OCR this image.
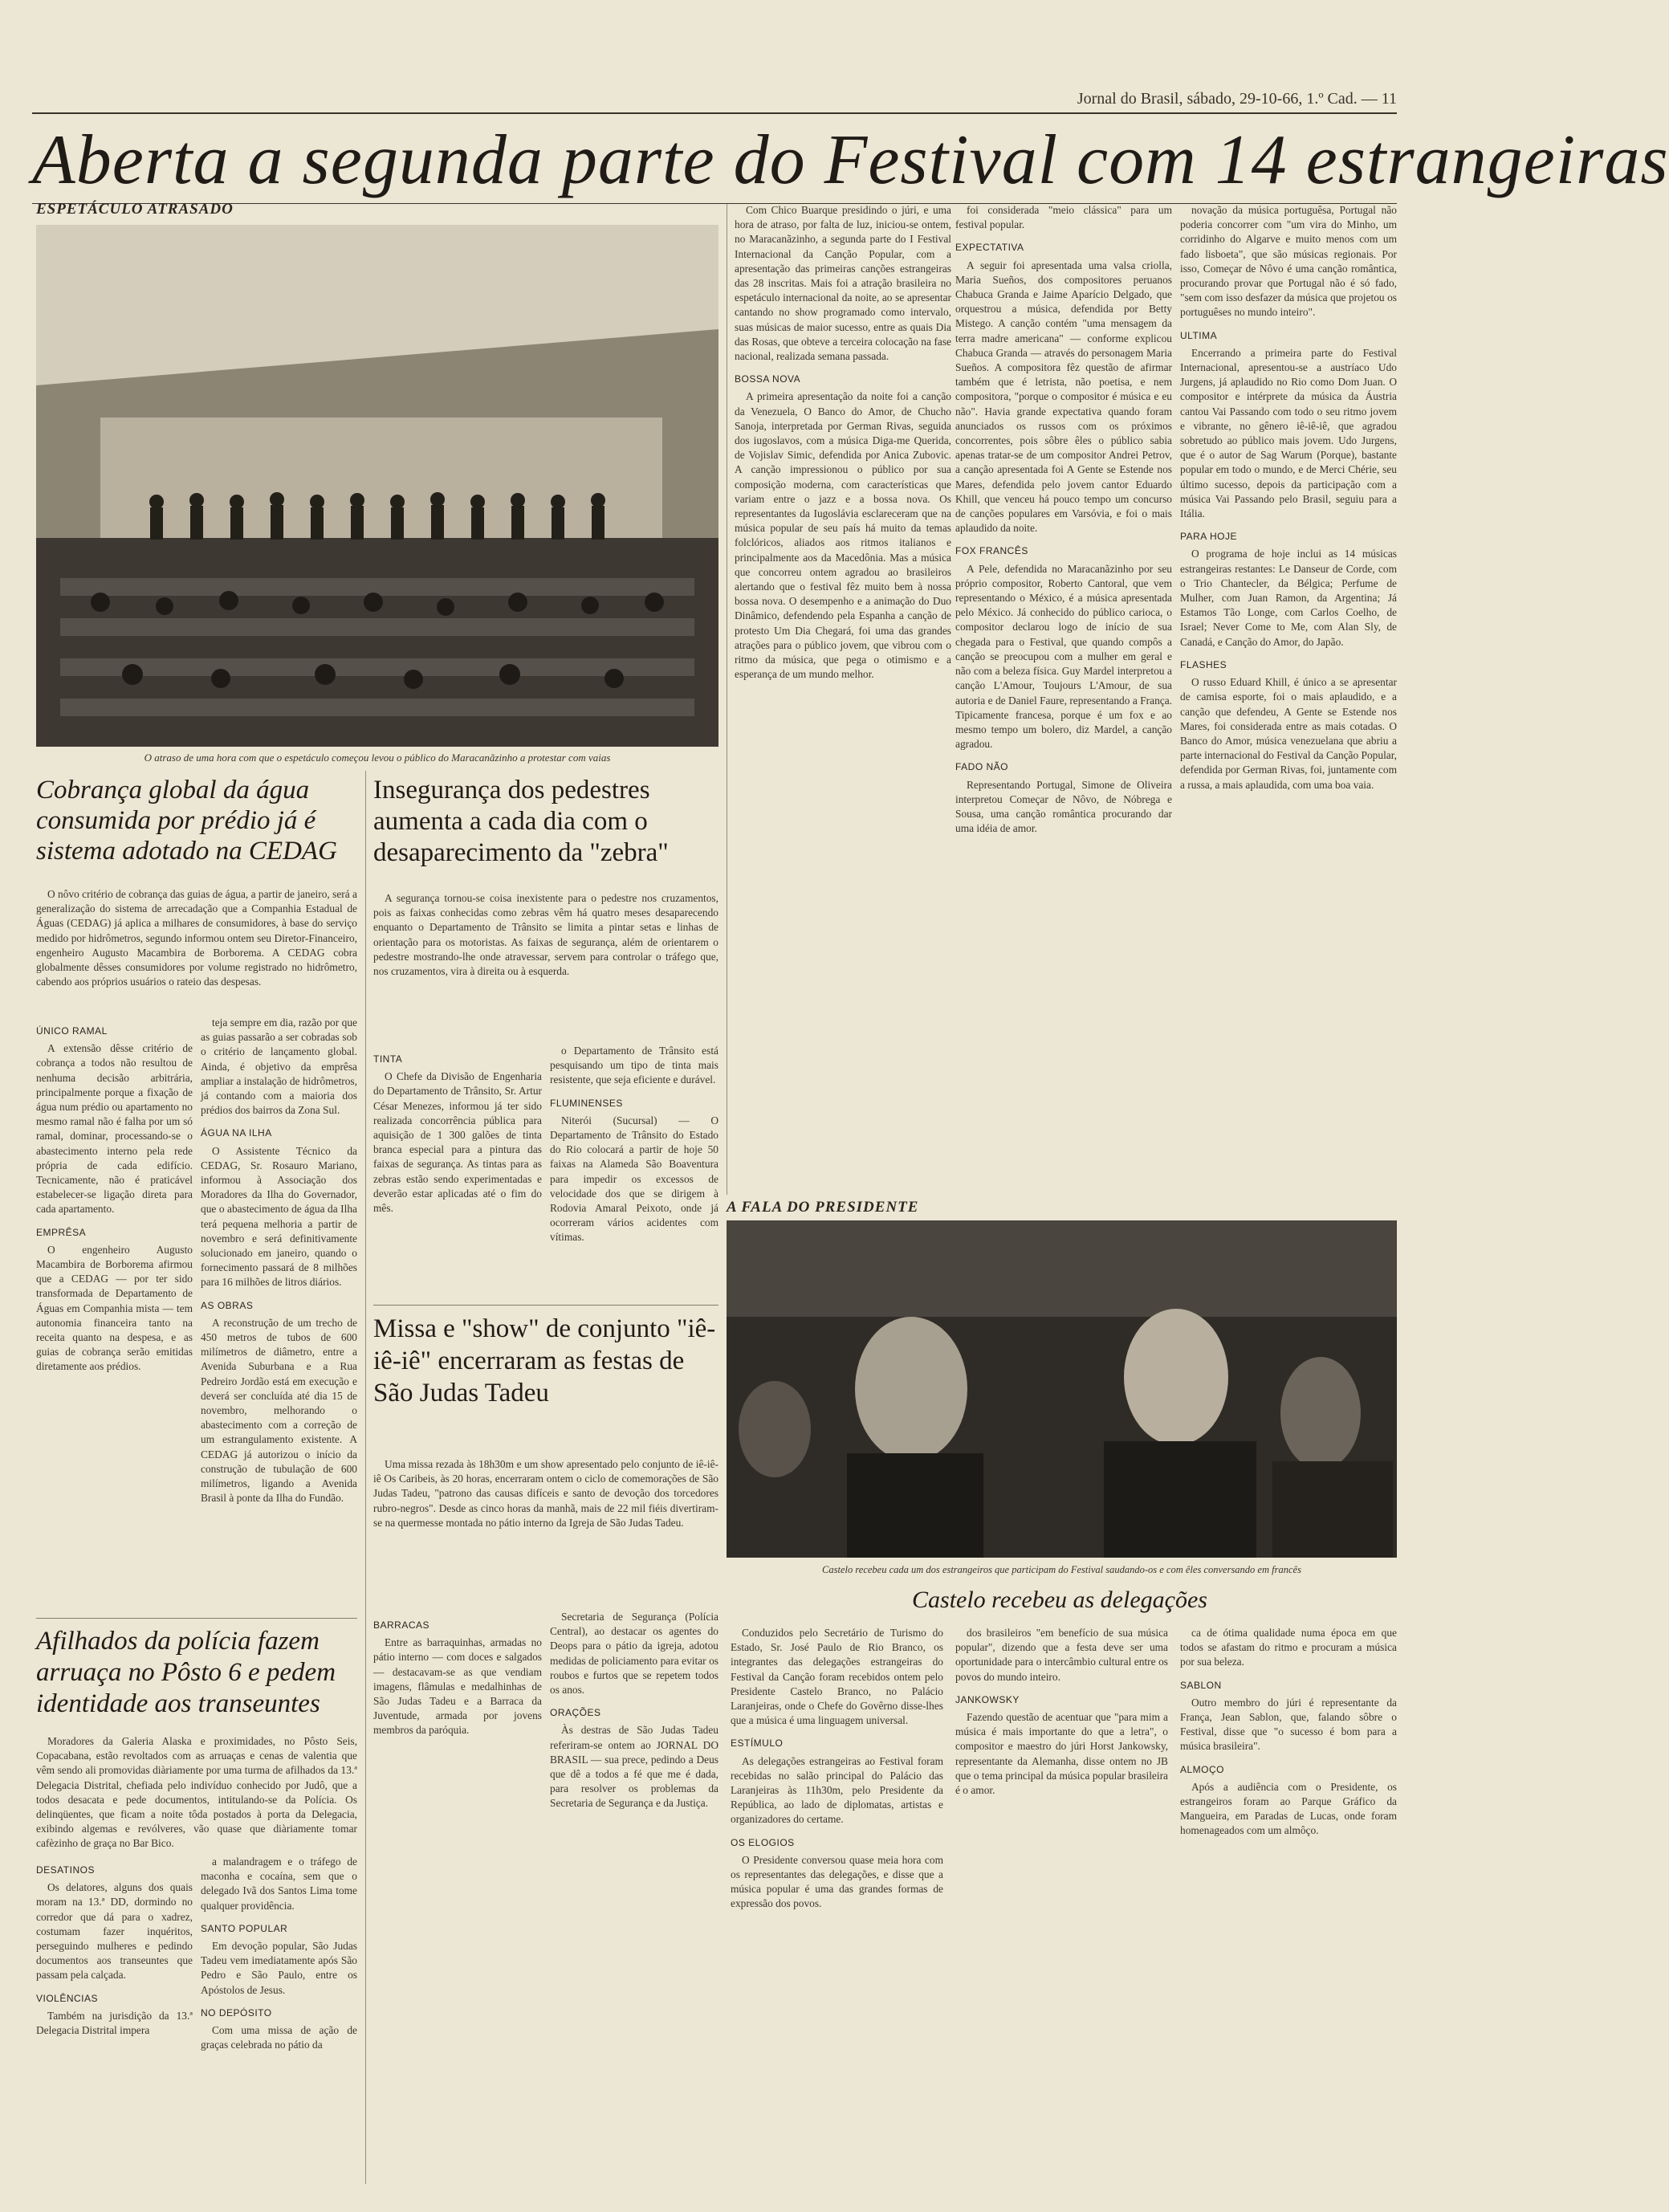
Jornal do Brasil, sábado, 29-10-66, 1.º Cad. — 11
Aberta a segunda parte do Festival com 14 estrangeiras
ESPETÁCULO ATRASADO
O atraso de uma hora com que o espetáculo começou levou o público do Maracanãzinho a protestar com vaias

Com Chico Buarque presidindo o júri, e uma hora de atraso, por falta de luz, iniciou-se ontem, no Maracanãzinho, a segunda parte do I Festival Internacional da Canção Popular, com a apresentação das primeiras canções estrangeiras das 28 inscritas. Mais foi a atração brasileira no espetáculo internacional da noite, ao se apresentar cantando no show programado como intervalo, suas músicas de maior sucesso, entre as quais Dia das Rosas, que obteve a terceira colocação na fase nacional, realizada semana passada.

BOSSA NOVA

A primeira apresentação da noite foi a canção da Venezuela, O Banco do Amor, de Chucho Sanoja, interpretada por German Rivas, seguida dos iugoslavos, com a música Diga-me Querida, de Vojislav Simic, defendida por Anica Zubovic. A canção impressionou o público por sua composição moderna, com características que variam entre o jazz e a bossa nova. Os representantes da Iugoslávia esclareceram que na música popular de seu país há muito da temas folclóricos, aliados aos ritmos italianos e principalmente aos da Macedônia. Mas a música que concorreu ontem agradou ao brasileiros alertando que o festival fêz muito bem à nossa bossa nova. O desempenho e a animação do Duo Dinâmico, defendendo pela Espanha a canção de protesto Um Dia Chegará, foi uma das grandes atrações para o público jovem, que vibrou com o ritmo da música, que pega o otimismo e a esperança de um mundo melhor.

foi considerada "meio clássica" para um festival popular.

EXPECTATIVA

A seguir foi apresentada uma valsa criolla, Maria Sueños, dos compositores peruanos Chabuca Granda e Jaime Aparício Delgado, que orquestrou a música, defendida por Betty Mistego. A canção contém "uma mensagem da terra madre americana" — conforme explicou Chabuca Granda — através do personagem Maria Sueños. A compositora fêz questão de afirmar também que é letrista, não poetisa, e nem compositora, "porque o compositor é música e eu não". Havia grande expectativa quando foram anunciados os russos com os próximos concorrentes, pois sôbre êles o público sabia apenas tratar-se de um compositor Andrei Petrov, a canção apresentada foi A Gente se Estende nos Mares, defendida pelo jovem cantor Eduardo Khill, que venceu há pouco tempo um concurso de canções populares em Varsóvia, e foi o mais aplaudido da noite.

FOX FRANCÊS

A Pele, defendida no Maracanãzinho por seu próprio compositor, Roberto Cantoral, que vem representando o México, é a música apresentada pelo México. Já conhecido do público carioca, o compositor declarou logo de início de sua chegada para o Festival, que quando compôs a canção se preocupou com a mulher em geral e não com a beleza física. Guy Mardel interpretou a canção L'Amour, Toujours L'Amour, de sua autoria e de Daniel Faure, representando a França. Tipicamente francesa, porque é um fox e ao mesmo tempo um bolero, diz Mardel, a canção agradou.

FADO NÃO

Representando Portugal, Simone de Oliveira interpretou Começar de Nôvo, de Nóbrega e Sousa, uma canção romântica procurando dar uma idéia de amor.

novação da música portuguêsa, Portugal não poderia concorrer com "um vira do Minho, um corridinho do Algarve e muito menos com um fado lisboeta", que são músicas regionais. Por isso, Começar de Nôvo é uma canção romântica, procurando provar que Portugal não é só fado, "sem com isso desfazer da música que projetou os portuguêses no mundo inteiro".

ULTIMA

Encerrando a primeira parte do Festival Internacional, apresentou-se a austríaco Udo Jurgens, já aplaudido no Rio como Dom Juan. O compositor e intérprete da música da Áustria cantou Vai Passando com todo o seu ritmo jovem e vibrante, no gênero iê-iê-iê, que agradou sobretudo ao público mais jovem. Udo Jurgens, que é o autor de Sag Warum (Porque), bastante popular em todo o mundo, e de Merci Chérie, seu último sucesso, depois da participação com a música Vai Passando pelo Brasil, seguiu para a Itália.

PARA HOJE

O programa de hoje inclui as 14 músicas estrangeiras restantes: Le Danseur de Corde, com o Trio Chantecler, da Bélgica; Perfume de Mulher, com Juan Ramon, da Argentina; Já Estamos Tão Longe, com Carlos Coelho, de Israel; Never Come to Me, com Alan Sly, de Canadá, e Canção do Amor, do Japão.

FLASHES

O russo Eduard Khill, é único a se apresentar de camisa esporte, foi o mais aplaudido, e a canção que defendeu, A Gente se Estende nos Mares, foi considerada entre as mais cotadas. O Banco do Amor, música venezuelana que abriu a parte internacional do Festival da Canção Popular, defendida por German Rivas, foi, juntamente com a russa, a mais aplaudida, com uma boa vaia.

Cobrança global da água consumida por prédio já é sistema adotado na CEDAG

O nôvo critério de cobrança das guias de água, a partir de janeiro, será a generalização do sistema de arrecadação que a Companhia Estadual de Águas (CEDAG) já aplica a milhares de consumidores, à base do serviço medido por hidrômetros, segundo informou ontem seu Diretor-Financeiro, engenheiro Augusto Macambira de Borborema. A CEDAG cobra globalmente dêsses consumidores por volume registrado no hidrômetro, cabendo aos próprios usuários o rateio das despesas.

ÚNICO RAMAL

A extensão dêsse critério de cobrança a todos não resultou de nenhuma decisão arbitrária, principalmente porque a fixação de água num prédio ou apartamento no mesmo ramal não é falha por um só ramal, dominar, processando-se o abastecimento interno pela rede própria de cada edifício. Tecnicamente, não é praticável estabelecer-se ligação direta para cada apartamento.

EMPRÊSA

O engenheiro Augusto Macambira de Borborema afirmou que a CEDAG — por ter sido transformada de Departamento de Águas em Companhia mista — tem autonomia financeira tanto na receita quanto na despesa, e as guias de cobrança serão emitidas diretamente aos prédios.

teja sempre em dia, razão por que as guias passarão a ser cobradas sob o critério de lançamento global. Ainda, é objetivo da emprêsa ampliar a instalação de hidrômetros, já contando com a maioria dos prédios dos bairros da Zona Sul.

ÁGUA NA ILHA

O Assistente Técnico da CEDAG, Sr. Rosauro Mariano, informou à Associação dos Moradores da Ilha do Governador, que o abastecimento de água da Ilha terá pequena melhoria a partir de novembro e será definitivamente solucionado em janeiro, quando o fornecimento passará de 8 milhões para 16 milhões de litros diários.

AS OBRAS

A reconstrução de um trecho de 450 metros de tubos de 600 milímetros de diâmetro, entre a Avenida Suburbana e a Rua Pedreiro Jordão está em execução e deverá ser concluída até dia 15 de novembro, melhorando o abastecimento com a correção de um estrangulamento existente. A CEDAG já autorizou o início da construção de tubulação de 600 milímetros, ligando a Avenida Brasil à ponte da Ilha do Fundão.

Insegurança dos pedestres aumenta a cada dia com o desaparecimento da "zebra"

A segurança tornou-se coisa inexistente para o pedestre nos cruzamentos, pois as faixas conhecidas como zebras vêm há quatro meses desaparecendo enquanto o Departamento de Trânsito se limita a pintar setas e linhas de orientação para os motoristas. As faixas de segurança, além de orientarem o pedestre mostrando-lhe onde atravessar, servem para controlar o tráfego que, nos cruzamentos, vira à direita ou à esquerda.

TINTA

O Chefe da Divisão de Engenharia do Departamento de Trânsito, Sr. Artur César Menezes, informou já ter sido realizada concorrência pública para aquisição de 1 300 galões de tinta branca especial para a pintura das faixas de segurança. As tintas para as zebras estão sendo experimentadas e deverão estar aplicadas até o fim do mês.

o Departamento de Trânsito está pesquisando um tipo de tinta mais resistente, que seja eficiente e durável.

FLUMINENSES

Niterói (Sucursal) — O Departamento de Trânsito do Estado do Rio colocará a partir de hoje 50 faixas na Alameda São Boaventura para impedir os excessos de velocidade dos que se dirigem à Rodovia Amaral Peixoto, onde já ocorreram vários acidentes com vítimas.

Missa e "show" de conjunto "iê-iê-iê" encerraram as festas de São Judas Tadeu

Uma missa rezada às 18h30m e um show apresentado pelo conjunto de iê-iê-iê Os Caribeis, às 20 horas, encerraram ontem o ciclo de comemorações de São Judas Tadeu, "patrono das causas difíceis e santo de devoção dos torcedores rubro-negros". Desde as cinco horas da manhã, mais de 22 mil fiéis divertiram-se na quermesse montada no pátio interno da Igreja de São Judas Tadeu.

BARRACAS

Entre as barraquinhas, armadas no pátio interno — com doces e salgados — destacavam-se as que vendiam imagens, flâmulas e medalhinhas de São Judas Tadeu e a Barraca da Juventude, armada por jovens membros da paróquia.

Secretaria de Segurança (Polícia Central), ao destacar os agentes do Deops para o pátio da igreja, adotou medidas de policiamento para evitar os roubos e furtos que se repetem todos os anos.

ORAÇÕES

Às destras de São Judas Tadeu referiram-se ontem ao JORNAL DO BRASIL — sua prece, pedindo a Deus que dê a todos a fé que me é dada, para resolver os problemas da Secretaria de Segurança e da Justiça.

Afilhados da polícia fazem arruaça no Pôsto 6 e pedem identidade aos transeuntes

Moradores da Galeria Alaska e proximidades, no Pôsto Seis, Copacabana, estão revoltados com as arruaças e cenas de valentia que vêm sendo ali promovidas diàriamente por uma turma de afilhados da 13.ª Delegacia Distrital, chefiada pelo indivíduo conhecido por Judô, que a todos desacata e pede documentos, intitulando-se da Polícia. Os delinqüentes, que ficam a noite tôda postados à porta da Delegacia, exibindo algemas e revólveres, vão quase que diàriamente tomar cafèzinho de graça no Bar Bico.

DESATINOS

Os delatores, alguns dos quais moram na 13.ª DD, dormindo no corredor que dá para o xadrez, costumam fazer inquéritos, perseguindo mulheres e pedindo documentos aos transeuntes que passam pela calçada.

VIOLÊNCIAS

Também na jurisdição da 13.ª Delegacia Distrital impera

a malandragem e o tráfego de maconha e cocaína, sem que o delegado Ivã dos Santos Lima tome qualquer providência.

SANTO POPULAR

Em devoção popular, São Judas Tadeu vem imediatamente após São Pedro e São Paulo, entre os Apóstolos de Jesus.

NO DEPÓSITO

Com uma missa de ação de graças celebrada no pátio da

A FALA DO PRESIDENTE
Castelo recebeu cada um dos estrangeiros que participam do Festival saudando-os e com êles conversando em francês
Castelo recebeu as delegações

Conduzidos pelo Secretário de Turismo do Estado, Sr. José Paulo de Rio Branco, os integrantes das delegações estrangeiras do Festival da Canção foram recebidos ontem pelo Presidente Castelo Branco, no Palácio Laranjeiras, onde o Chefe do Govêrno disse-lhes que a música é uma linguagem universal.

ESTÍMULO

As delegações estrangeiras ao Festival foram recebidas no salão principal do Palácio das Laranjeiras às 11h30m, pelo Presidente da República, ao lado de diplomatas, artistas e organizadores do certame.

OS ELOGIOS

O Presidente conversou quase meia hora com os representantes das delegações, e disse que a música popular é uma das grandes formas de expressão dos povos.

dos brasileiros "em benefício de sua música popular", dizendo que a festa deve ser uma oportunidade para o intercâmbio cultural entre os povos do mundo inteiro.

JANKOWSKY

Fazendo questão de acentuar que "para mim a música é mais importante do que a letra", o compositor e maestro do júri Horst Jankowsky, representante da Alemanha, disse ontem no JB que o tema principal da música popular brasileira é o amor.

ca de ótima qualidade numa época em que todos se afastam do ritmo e procuram a música por sua beleza.

SABLON

Outro membro do júri é representante da França, Jean Sablon, que, falando sôbre o Festival, disse que "o sucesso é bom para a música brasileira".

ALMOÇO

Após a audiência com o Presidente, os estrangeiros foram ao Parque Gráfico da Mangueira, em Paradas de Lucas, onde foram homenageados com um almôço.
